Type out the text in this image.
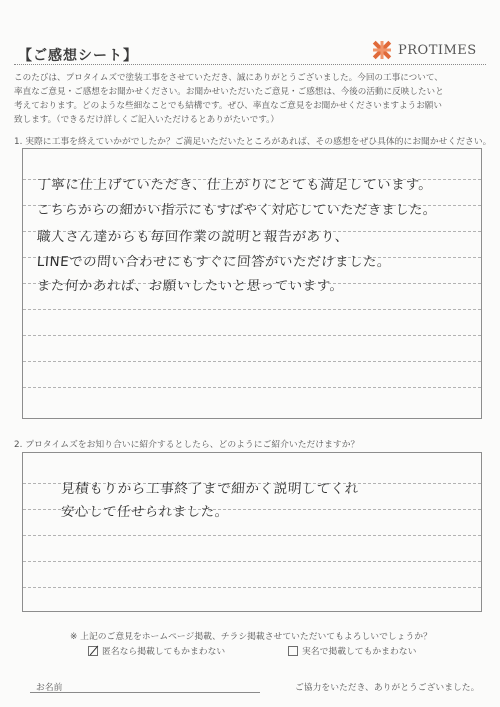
【ご感想シート】	PROTIMES
このたびは、プロタイムズで塗装工事をさせていただき、誠にありがとうございました。今回の工事について、
率直なご意見・ご感想をお聞かせください。お聞かせいただいたご意見・ご感想は、今後の活動に反映したいと
考えております。どのような些細なことでも結構です。ぜひ、率直なご意見をお聞かせくださいますようお願い
致します。（できるだけ詳しくご記入いただけるとありがたいです。）
1. 実際に工事を終えていかがでしたか？ご満足いただいたところがあれば、その感想をぜひ具体的にお聞かせください。
丁寧に仕上げていただき、仕上がりにとても満足しています。
こちらからの細かい指示にもすばやく対応していただきました。
職人さん達からも毎回作業の説明と報告があり、
LINEでの問い合わせにもすぐに回答がいただけました。
また何かあれば、お願いしたいと思っています。
2. プロタイムズをお知り合いに紹介するとしたら、どのようにご紹介いただけますか？
見積もりから工事終了まで細かく説明してくれ
安心して任せられました。
※ 上記のご意見をホームページ掲載、チラシ掲載させていただいてもよろしいでしょうか？
匿名なら掲載してもかまわない	実名で掲載してもかまわない
お名前	ご協力をいただき、ありがとうございました。
